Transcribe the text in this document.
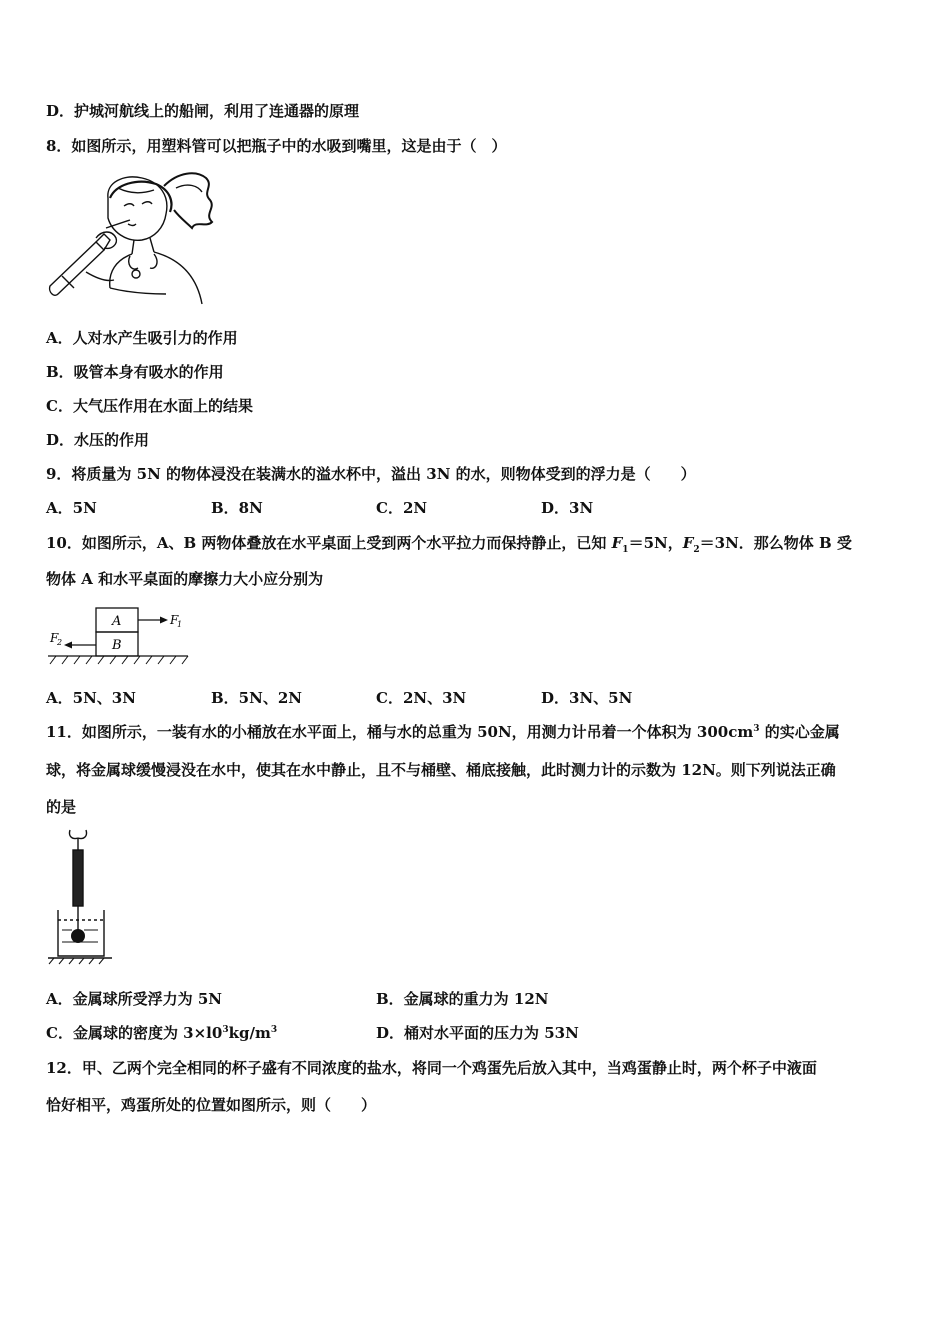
D．护城河航线上的船闸，利用了连通器的原理
8．如图所示，用塑料管可以把瓶子中的水吸到嘴里，这是由于（　）
A．人对水产生吸引力的作用
B．吸管本身有吸水的作用
C．大气压作用在水面上的结果
D．水压的作用
9．将质量为 5N 的物体浸没在装满水的溢水杯中，溢出 3N 的水，则物体受到的浮力是（　　）
A．5N	B．8N	C．2N	D．3N
10．如图所示，A、B 两物体叠放在水平桌面上受到两个水平拉力而保持静止，已知 $F_1=5N$，$F_2=3N$．那么物体 B 受
物体 A 和水平桌面的摩擦力大小应分别为
A
B
F
1
F
2
A．5N、3N	B．5N、2N	C．2N、3N	D．3N、5N
11．如图所示，一装有水的小桶放在水平面上，桶与水的总重为 50N，用测力计吊着一个体积为 $300cm^3$ 的实心金属
球，将金属球缓慢浸没在水中，使其在水中静止，且不与桶壁、桶底接触，此时测力计的示数为 12N。则下列说法正确
的是
A．金属球所受浮力为 5N	B．金属球的重力为 12N
C．金属球的密度为 $3\times l0^3kg/m^3$	D．桶对水平面的压力为 53N
12．甲、乙两个完全相同的杯子盛有不同浓度的盐水，将同一个鸡蛋先后放入其中，当鸡蛋静止时，两个杯子中液面
恰好相平，鸡蛋所处的位置如图所示，则（　　）
